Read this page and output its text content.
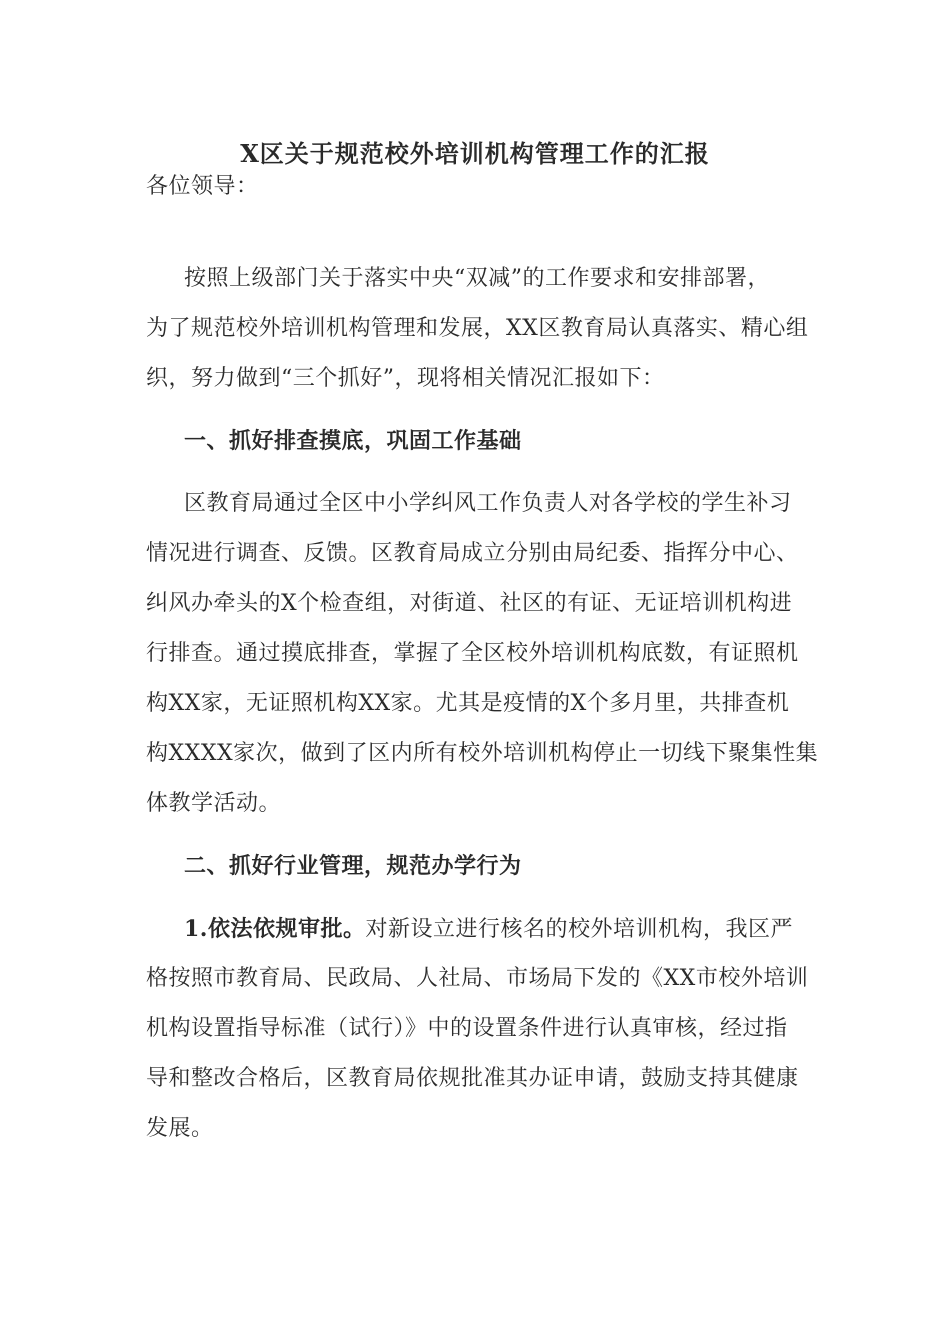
X区关于规范校外培训机构管理工作的汇报

各位领导：

按照上级部门关于落实中央“双减”的工作要求和安排部署，

为了规范校外培训机构管理和发展，XX区教育局认真落实、精心组

织，努力做到“三个抓好”，现将相关情况汇报如下：

一、抓好排查摸底，巩固工作基础

区教育局通过全区中小学纠风工作负责人对各学校的学生补习

情况进行调查、反馈。区教育局成立分别由局纪委、指挥分中心、

纠风办牵头的X个检查组，对街道、社区的有证、无证培训机构进

行排查。通过摸底排查，掌握了全区校外培训机构底数，有证照机

构XX家，无证照机构XX家。尤其是疫情的X个多月里，共排查机

构XXXX家次，做到了区内所有校外培训机构停止一切线下聚集性集

体教学活动。

二、抓好行业管理，规范办学行为

1.依法依规审批。对新设立进行核名的校外培训机构，我区严

格按照市教育局、民政局、人社局、市场局下发的《XX市校外培训

机构设置指导标准（试行）》中的设置条件进行认真审核，经过指

导和整改合格后，区教育局依规批准其办证申请，鼓励支持其健康

发展。
